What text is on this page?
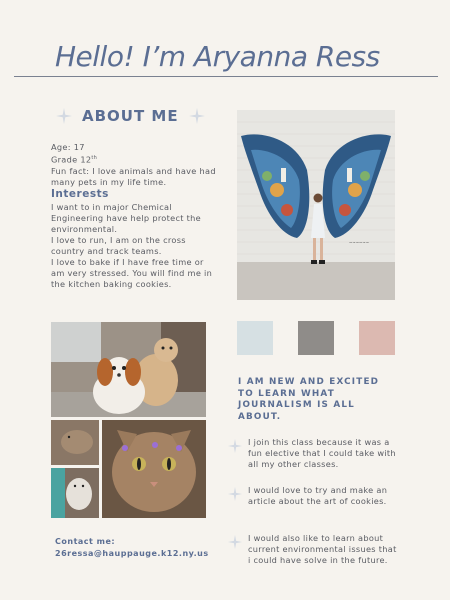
Hello! I’m Aryanna Ress
ABOUT ME

Age: 17

Grade 12th

Fun fact: I love animals and have had many pets in my life time.

Interests

I want to in major Chemical Engineering have help protect the environmental.

I love to run, I am on the cross country and track teams.

I love to bake if I have free time or am very stressed. You will find me in the kitchen baking cookies.

~~~~~~

I AM NEW AND EXCITED TO LEARN WHAT JOURNALISM IS ALL ABOUT.

I join this class because it was a fun elective that I could take with all my other classes.
I would love to try and make an article about the art of cookies.
I would also like to learn about current environmental issues that i could have solve in the future.
Contact me:
26ressa@hauppauge.k12.ny.us
